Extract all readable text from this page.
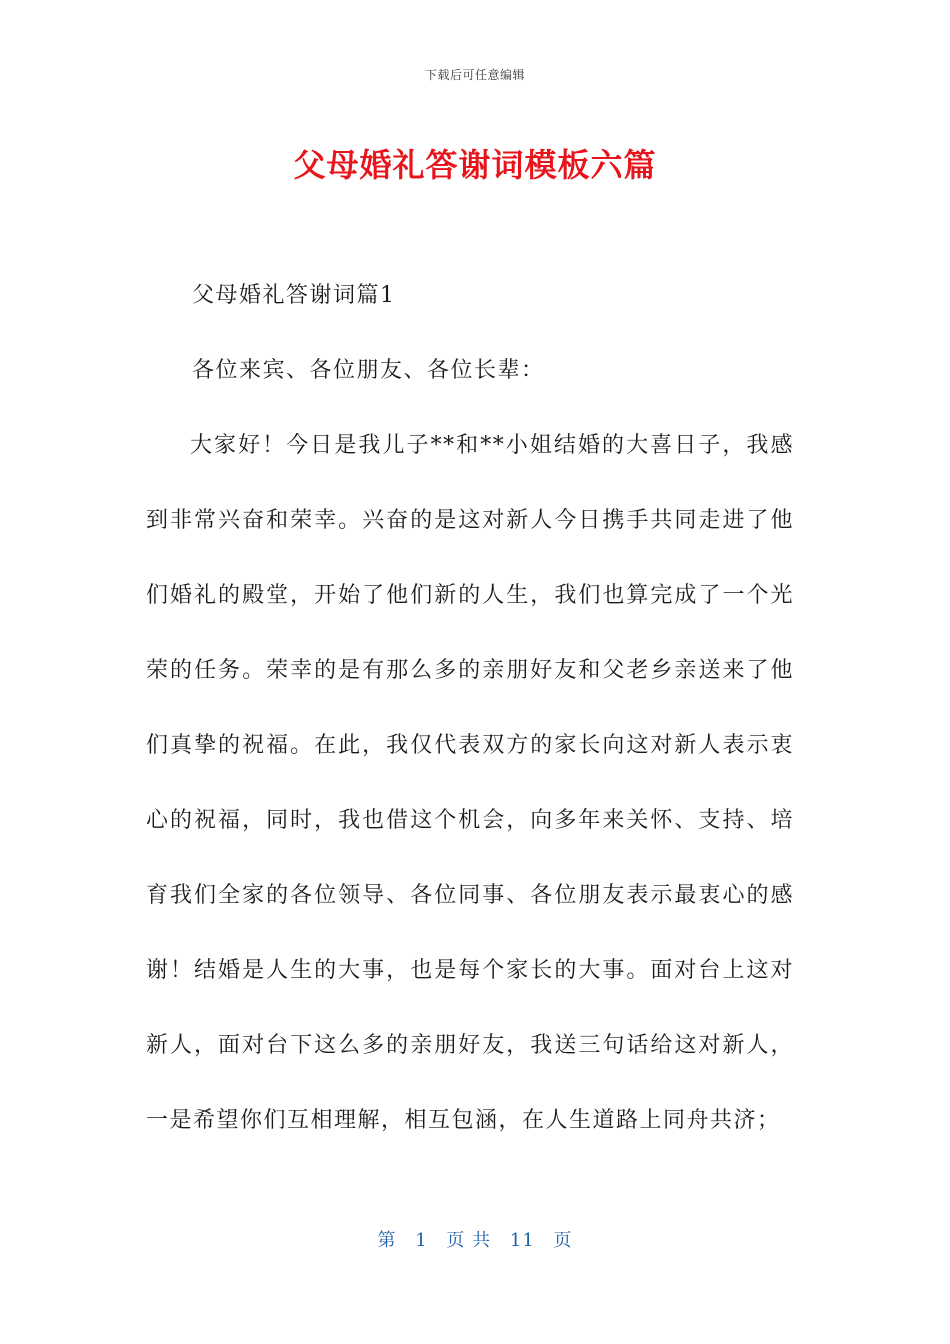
下载后可任意编辑
父母婚礼答谢词模板六篇
父母婚礼答谢词篇1
各位来宾、各位朋友、各位长辈：

大家好！今日是我儿子**和**小姐结婚的大喜日子，我感到非常兴奋和荣幸。兴奋的是这对新人今日携手共同走进了他们婚礼的殿堂，开始了他们新的人生，我们也算完成了一个光荣的任务。荣幸的是有那么多的亲朋好友和父老乡亲送来了他们真挚的祝福。在此，我仅代表双方的家长向这对新人表示衷心的祝福，同时，我也借这个机会，向多年来关怀、支持、培育我们全家的各位领导、各位同事、各位朋友表示最衷心的感谢！结婚是人生的大事，也是每个家长的大事。面对台上这对新人，面对台下这么多的亲朋好友，我送三句话给这对新人，一是希望你们互相理解，相互包涵，在人生道路上同舟共济；

第 1 页 共 11 页
